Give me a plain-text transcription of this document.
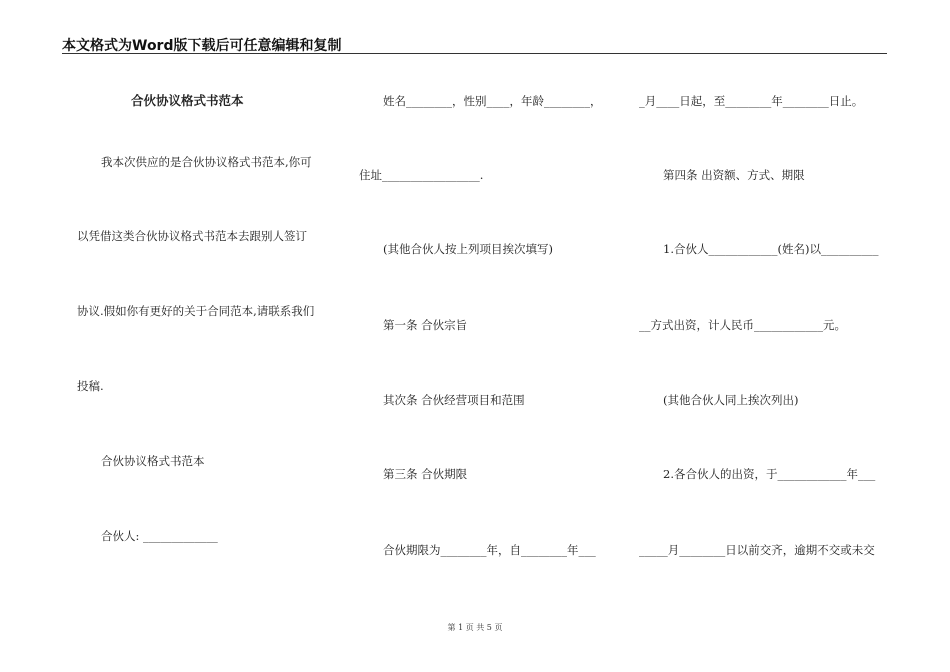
本文格式为Word版下载后可任意编辑和复制
合伙协议格式书范本
我本次供应的是合伙协议格式书范本,你可
以凭借这类合伙协议格式书范本去跟别人签订
协议.假如你有更好的关于合同范本,请联系我们
投稿.
合伙协议格式书范本
合伙人: _____________
姓名________，性别____，年龄________，
住址_________________.
(其他合伙人按上列项目挨次填写)
第一条 合伙宗旨
其次条 合伙经营项目和范围
第三条 合伙期限
合伙期限为________年，自________年___
_月____日起，至________年________日止。
第四条 出资额、方式、期限
1.合伙人____________(姓名)以__________
__方式出资，计人民币____________元。
(其他合伙人同上挨次列出)
2.各合伙人的出资，于____________年___
_____月________日以前交齐，逾期不交或未交
第 1 页 共 5 页
